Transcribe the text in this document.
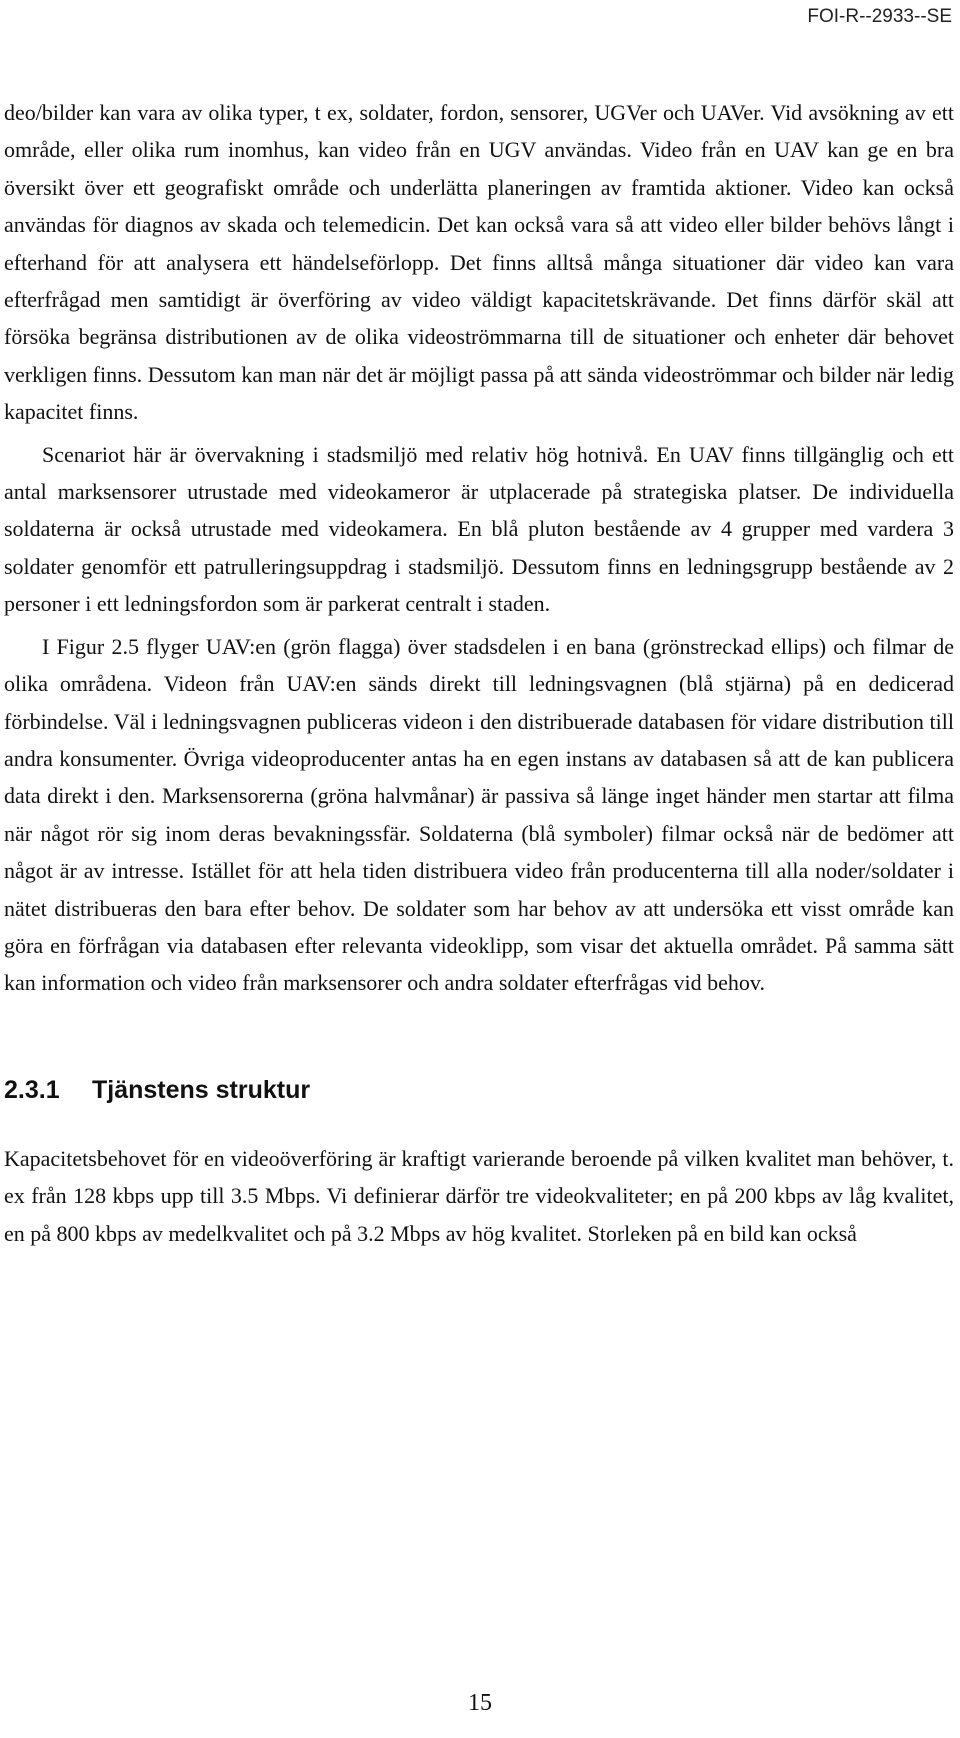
FOI-R--2933--SE

deo/bilder kan vara av olika typer, t ex, soldater, fordon, sensorer, UGVer och UAVer. Vid avsökning av ett område, eller olika rum inomhus, kan video från en UGV användas. Video från en UAV kan ge en bra översikt över ett geografiskt område och underlätta planeringen av framtida aktioner. Video kan också användas för diagnos av skada och telemedicin. Det kan också vara så att video eller bilder behövs långt i efterhand för att analysera ett händelseförlopp. Det finns alltså många situationer där video kan vara efterfrågad men samtidigt är överföring av video väldigt kapacitetskrävande. Det finns därför skäl att försöka begränsa distributionen av de olika videoströmmarna till de situationer och enheter där behovet verkligen finns. Dessutom kan man när det är möjligt passa på att sända videoströmmar och bilder när ledig kapacitet finns.

Scenariot här är övervakning i stadsmiljö med relativ hög hotnivå. En UAV finns tillgänglig och ett antal marksensorer utrustade med videokameror är utplacerade på strategiska platser. De individuella soldaterna är också utrustade med videokamera. En blå pluton bestående av 4 grupper med vardera 3 soldater genomför ett patrulleringsuppdrag i stadsmiljö. Dessutom finns en ledningsgrupp bestående av 2 personer i ett ledningsfordon som är parkerat centralt i staden.

I Figur 2.5 flyger UAV:en (grön flagga) över stadsdelen i en bana (grönstreckad ellips) och filmar de olika områdena. Videon från UAV:en sänds direkt till ledningsvagnen (blå stjärna) på en dedicerad förbindelse. Väl i ledningsvagnen publiceras videon i den distribuerade databasen för vidare distribution till andra konsumenter. Övriga videoproducenter antas ha en egen instans av databasen så att de kan publicera data direkt i den. Marksensorerna (gröna halvmånar) är passiva så länge inget händer men startar att filma när något rör sig inom deras bevakningssfär. Soldaterna (blå symboler) filmar också när de bedömer att något är av intresse. Istället för att hela tiden distribuera video från producenterna till alla noder/soldater i nätet distribueras den bara efter behov. De soldater som har behov av att undersöka ett visst område kan göra en förfrågan via databasen efter relevanta videoklipp, som visar det aktuella området. På samma sätt kan information och video från marksensorer och andra soldater efterfrågas vid behov.

2.3.1 Tjänstens struktur

Kapacitetsbehovet för en videoöverföring är kraftigt varierande beroende på vilken kvalitet man behöver, t. ex från 128 kbps upp till 3.5 Mbps. Vi definierar därför tre videokvaliteter; en på 200 kbps av låg kvalitet, en på 800 kbps av medelkvalitet och på 3.2 Mbps av hög kvalitet. Storleken på en bild kan också

15
